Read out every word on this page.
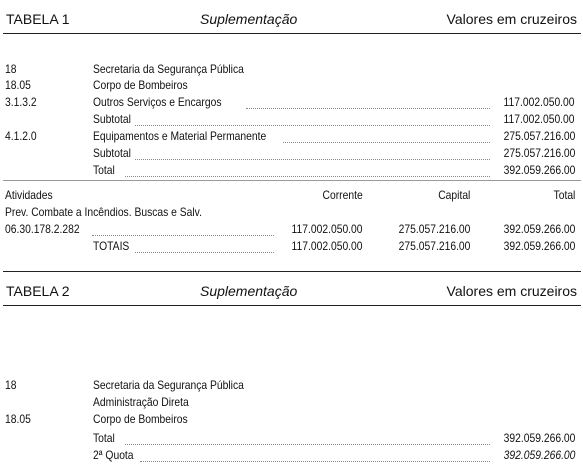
TABELA 1	Suplementação	Valores em cruzeiros
18	Secretaria da Segurança Pública
18.05	Corpo de Bombeiros
3.1.3.2	Outros Serviços e Encargos	117.002.050.00
Subtotal	117.002.050.00
4.1.2.0	Equipamentos e Material Permanente	275.057.216.00
Subtotal	275.057.216.00
Total	392.059.266.00
Atividades	Corrente	Capital	Total
Prev. Combate a Incêndios. Buscas e Salv.
06.30.178.2.282	117.002.050.00	275.057.216.00	392.059.266.00
TOTAIS	117.002.050.00	275.057.216.00	392.059.266.00
TABELA 2	Suplementação	Valores em cruzeiros
18	Secretaria da Segurança Pública
Administração Direta
18.05	Corpo de Bombeiros
Total	392.059.266.00
2ª Quota	392.059.266.00
